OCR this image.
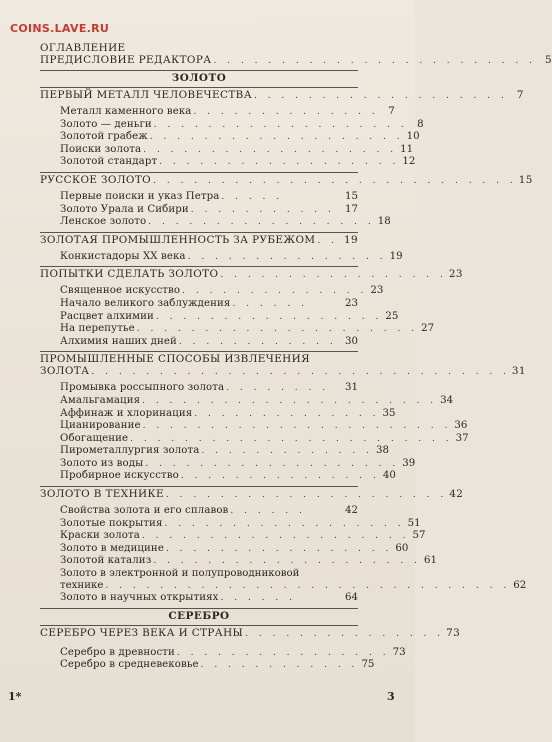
COINS.LAVE.RU
ОГЛАВЛЕНИЕ
ПРЕДИСЛОВИЕ РЕДАКТОРА . . . . . . . . . . . . . . . . . . . . . . . . 5
ЗОЛОТО
ПЕРВЫЙ МЕТАЛЛ ЧЕЛОВЕЧЕСТВА . . . . . . . . . . . . . . . . . . . 7
Металл каменного века . . . . . . . . . . . . . . 7
Золото — деньги . . . . . . . . . . . . . . . . . . . 8
Золотой грабеж . . . . . . . . . . . . . . . . . . . 10
Поиски золота . . . . . . . . . . . . . . . . . . . 11
Золотой стандарт . . . . . . . . . . . . . . . . . . 12
РУССКОЕ ЗОЛОТО . . . . . . . . . . . . . . . . . . . . . . . . . . . 15
Первые поиски и указ Петра . . . . .	15
Золото Урала и Сибири . . . . . . . . . . . 17
Ленское золото . . . . . . . . . . . . . . . . . 18
ЗОЛОТАЯ ПРОМЫШЛЕННОСТЬ ЗА РУБЕЖОМ . . 19
Конкистадоры XX века . . . . . . . . . . . . . . . 19
ПОПЫТКИ СДЕЛАТЬ ЗОЛОТО . . . . . . . . . . . . . . . . . 23
Священное искусство . . . . . . . . . . . . . . 23
Начало великого заблуждения . . . . . .	23
Расцвет алхимии . . . . . . . . . . . . . . . . . 25
На перепутье . . . . . . . . . . . . . . . . . . . . . 27
Алхимия наших дней . . . . . . . . . . . . 30
ПРОМЫШЛЕННЫЕ СПОСОБЫ ИЗВЛЕЧЕНИЯ
ЗОЛОТА . . . . . . . . . . . . . . . . . . . . . . . . . . . . . . . 31
Промывка россыпного золота . . . . . . . .	31
Амальгамация . . . . . . . . . . . . . . . . . . . . . . 34
Аффинаж и хлоринация . . . . . . . . . . . . . . 35
Цианирование . . . . . . . . . . . . . . . . . . . . . . . 36
Обогащение . . . . . . . . . . . . . . . . . . . . . . . . 37
Пирометаллургия золота . . . . . . . . . . . . . 38
Золото из воды . . . . . . . . . . . . . . . . . . . 39
Пробирное искусство . . . . . . . . . . . . . . . 40
ЗОЛОТО В ТЕХНИКЕ . . . . . . . . . . . . . . . . . . . . . 42
Свойства золота и его сплавов . . . . . .	42
Золотые покрытия . . . . . . . . . . . . . . . . . . 51
Краски золота . . . . . . . . . . . . . . . . . . . . 57
Золото в медицине . . . . . . . . . . . . . . . . . 60
Золотой катализ . . . . . . . . . . . . . . . . . . . . 61
Золото в электронной и полупроводниковой
технике . . . . . . . . . . . . . . . . . . . . . . . . . . . . . . 62
Золото в научных открытиях . . . . . .	64
СЕРЕБРО
СЕРЕБРО ЧЕРЕЗ ВЕКА И СТРАНЫ . . . . . . . . . . . . . . . 73
Серебро в древности . . . . . . . . . . . . . . . . 73
Серебро в средневековье . . . . . . . . . . . . 75
1*	3
